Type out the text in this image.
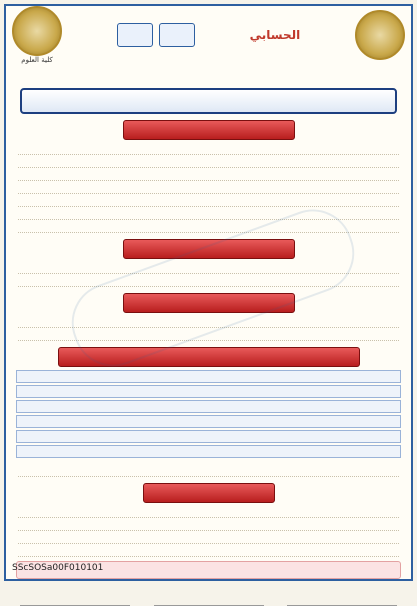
الحسابي
كلية العلوم
SScSOSa00F010101
